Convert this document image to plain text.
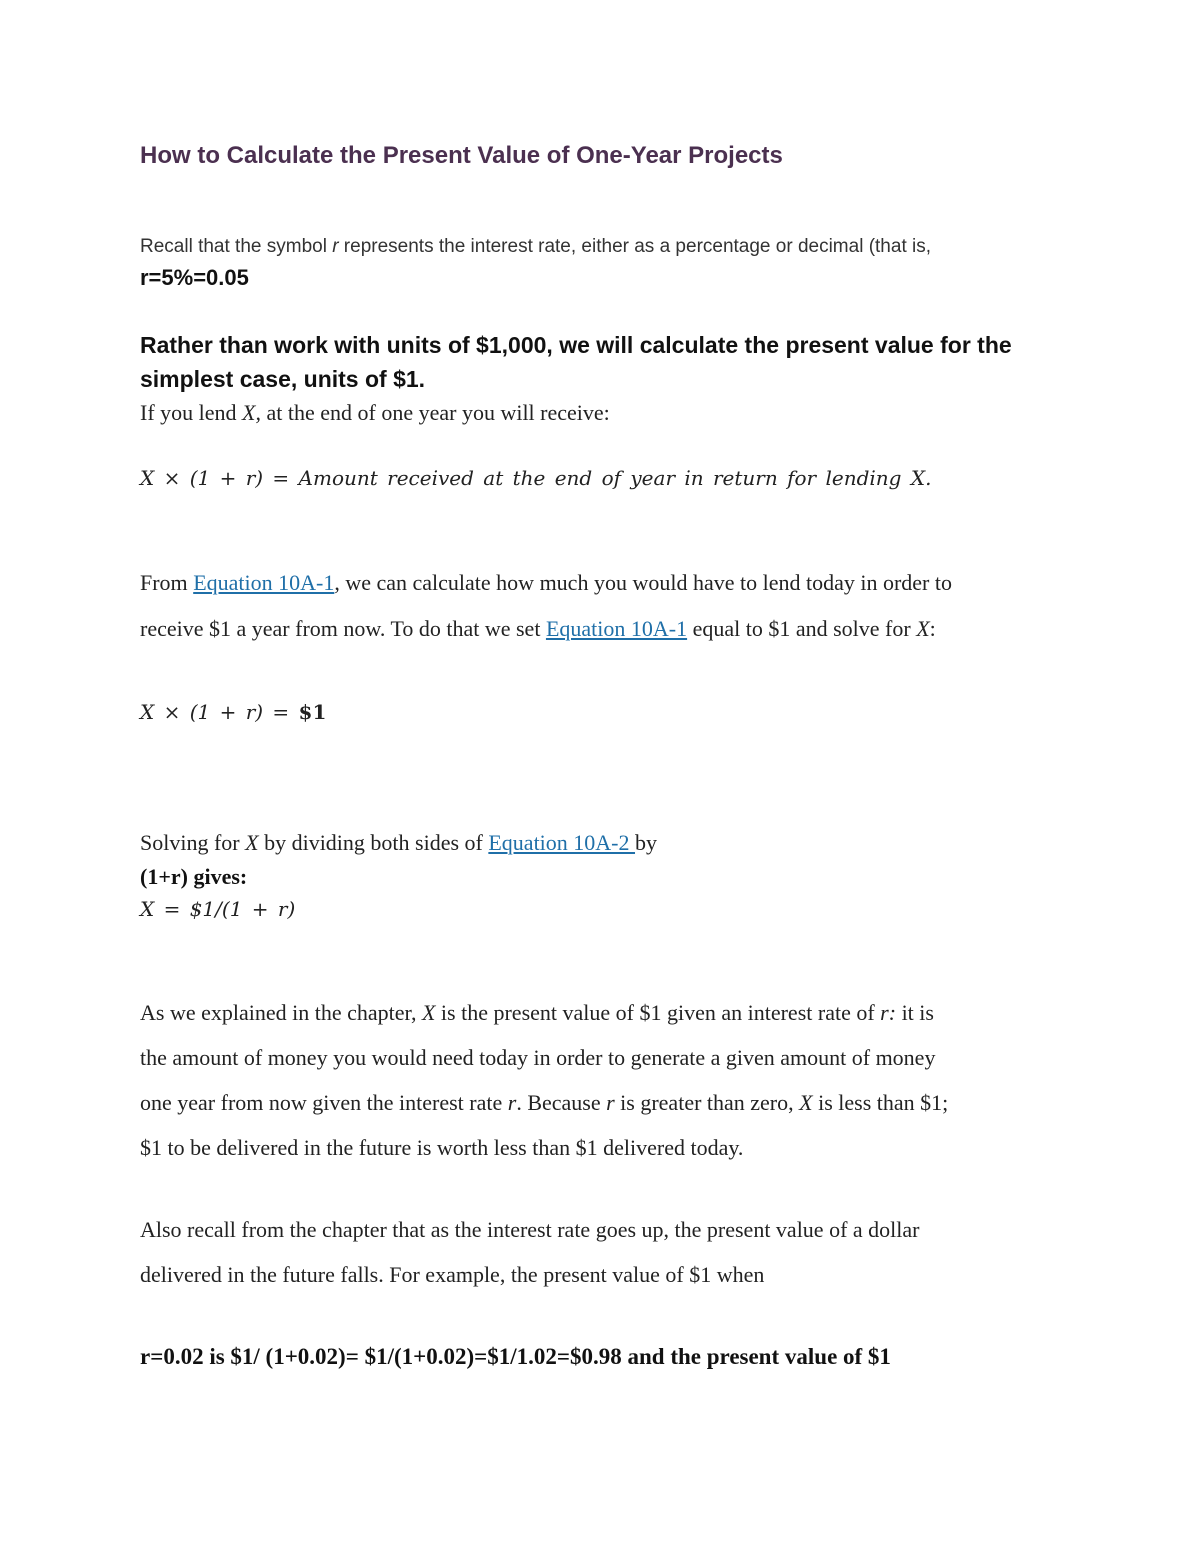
How to Calculate the Present Value of One-Year Projects
Recall that the symbol r represents the interest rate, either as a percentage or decimal (that is,
r=5%=0.05
Rather than work with units of $1,000, we will calculate the present value for the
simplest case, units of $1.
If you lend X, at the end of one year you will receive:
X × (1 + r) = Amount received at the end of year in return for lending X.
From Equation 10A-1, we can calculate how much you would have to lend today in order to
receive $1 a year from now. To do that we set Equation 10A-1 equal to $1 and solve for X:
X × (1 + r) = $1
Solving for X by dividing both sides of Equation 10A-2 by
(1+r) gives:
X = $1/(1 + r)
As we explained in the chapter, X is the present value of $1 given an interest rate of r: it is
the amount of money you would need today in order to generate a given amount of money
one year from now given the interest rate r. Because r is greater than zero, X is less than $1;
$1 to be delivered in the future is worth less than $1 delivered today.
Also recall from the chapter that as the interest rate goes up, the present value of a dollar
delivered in the future falls. For example, the present value of $1 when
r=0.02 is $1/ (1+0.02)= $1/(1+0.02)=$1/1.02=$0.98 and the present value of $1
